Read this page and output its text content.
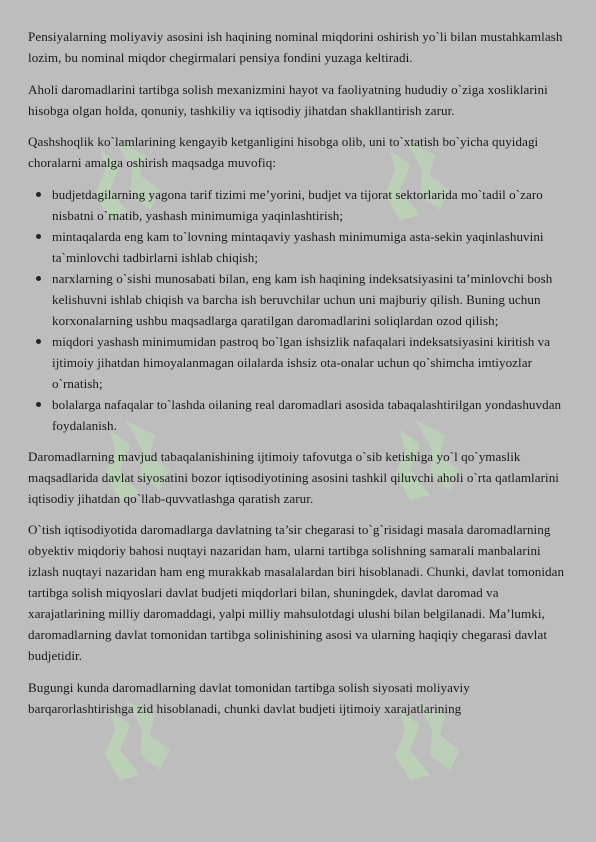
Pensiyalarning moliyaviy asosini ish haqining nominal miqdorini oshirish yo`li bilan mustahkamlash lozim, bu nominal miqdor chegirmalari pensiya fondini yuzaga keltiradi.

Aholi daromadlarini tartibga solish mexanizmini hayot va faoliyatning hududiy o`ziga xosliklarini hisobga olgan holda, qonuniy, tashkiliy va iqtisodiy jihatdan shakllantirish zarur.

Qashshoqlik ko`lamlarining kengayib ketganligini hisobga olib, uni to`xtatish bo`yicha quyidagi choralarni amalga oshirish maqsadga muvofiq:

budjetdagilarning yagona tarif tizimi me’yorini, budjet va tijorat sektorlarida mo`tadil o`zaro nisbatni o`rnatib, yashash minimumiga yaqinlashtirish;
mintaqalarda eng kam to`lovning mintaqaviy yashash minimumiga asta-sekin yaqinlashuvini ta`minlovchi tadbirlarni ishlab chiqish;
narxlarning o`sishi munosabati bilan, eng kam ish haqining indeksatsiyasini ta’minlovchi bosh kelishuvni ishlab chiqish va barcha ish beruvchilar uchun uni majburiy qilish. Buning uchun korxonalarning ushbu maqsadlarga qaratilgan daromadlarini soliqlardan ozod qilish;
miqdori yashash minimumidan pastroq bo`lgan ishsizlik nafaqalari indeksatsiyasini kiritish va ijtimoiy jihatdan himoyalanmagan oilalarda ishsiz ota-onalar uchun qo`shimcha imtiyozlar o`rnatish;
bolalarga nafaqalar to`lashda oilaning real daromadlari asosida tabaqalashtirilgan yondashuvdan foydalanish.

Daromadlarning mavjud tabaqalanishining ijtimoiy tafovutga o`sib ketishiga yo`l qo`ymaslik maqsadlarida davlat siyosatini bozor iqtisodiyotining asosini tashkil qiluvchi aholi o`rta qatlamlarini iqtisodiy jihatdan qo`llab-quvvatlashga qaratish zarur.

O`tish iqtisodiyotida daromadlarga davlatning ta’sir chegarasi to`g`risidagi masala daromadlarning obyektiv miqdoriy bahosi nuqtayi nazaridan ham, ularni tartibga solishning samarali manbalarini izlash nuqtayi nazaridan ham eng murakkab masalalardan biri hisoblanadi. Chunki, davlat tomonidan tartibga solish miqyoslari davlat budjeti miqdorlari bilan, shuningdek, davlat daromad va xarajatlarining milliy daromaddagi, yalpi milliy mahsulotdagi ulushi bilan belgilanadi. Ma’lumki, daromadlarning davlat tomonidan tartibga solinishining asosi va ularning haqiqiy chegarasi davlat budjetidir.

Bugungi kunda daromadlarning davlat tomonidan tartibga solish siyosati moliyaviy barqarorlashtirishga zid hisoblanadi, chunki davlat budjeti ijtimoiy xarajatlarining
